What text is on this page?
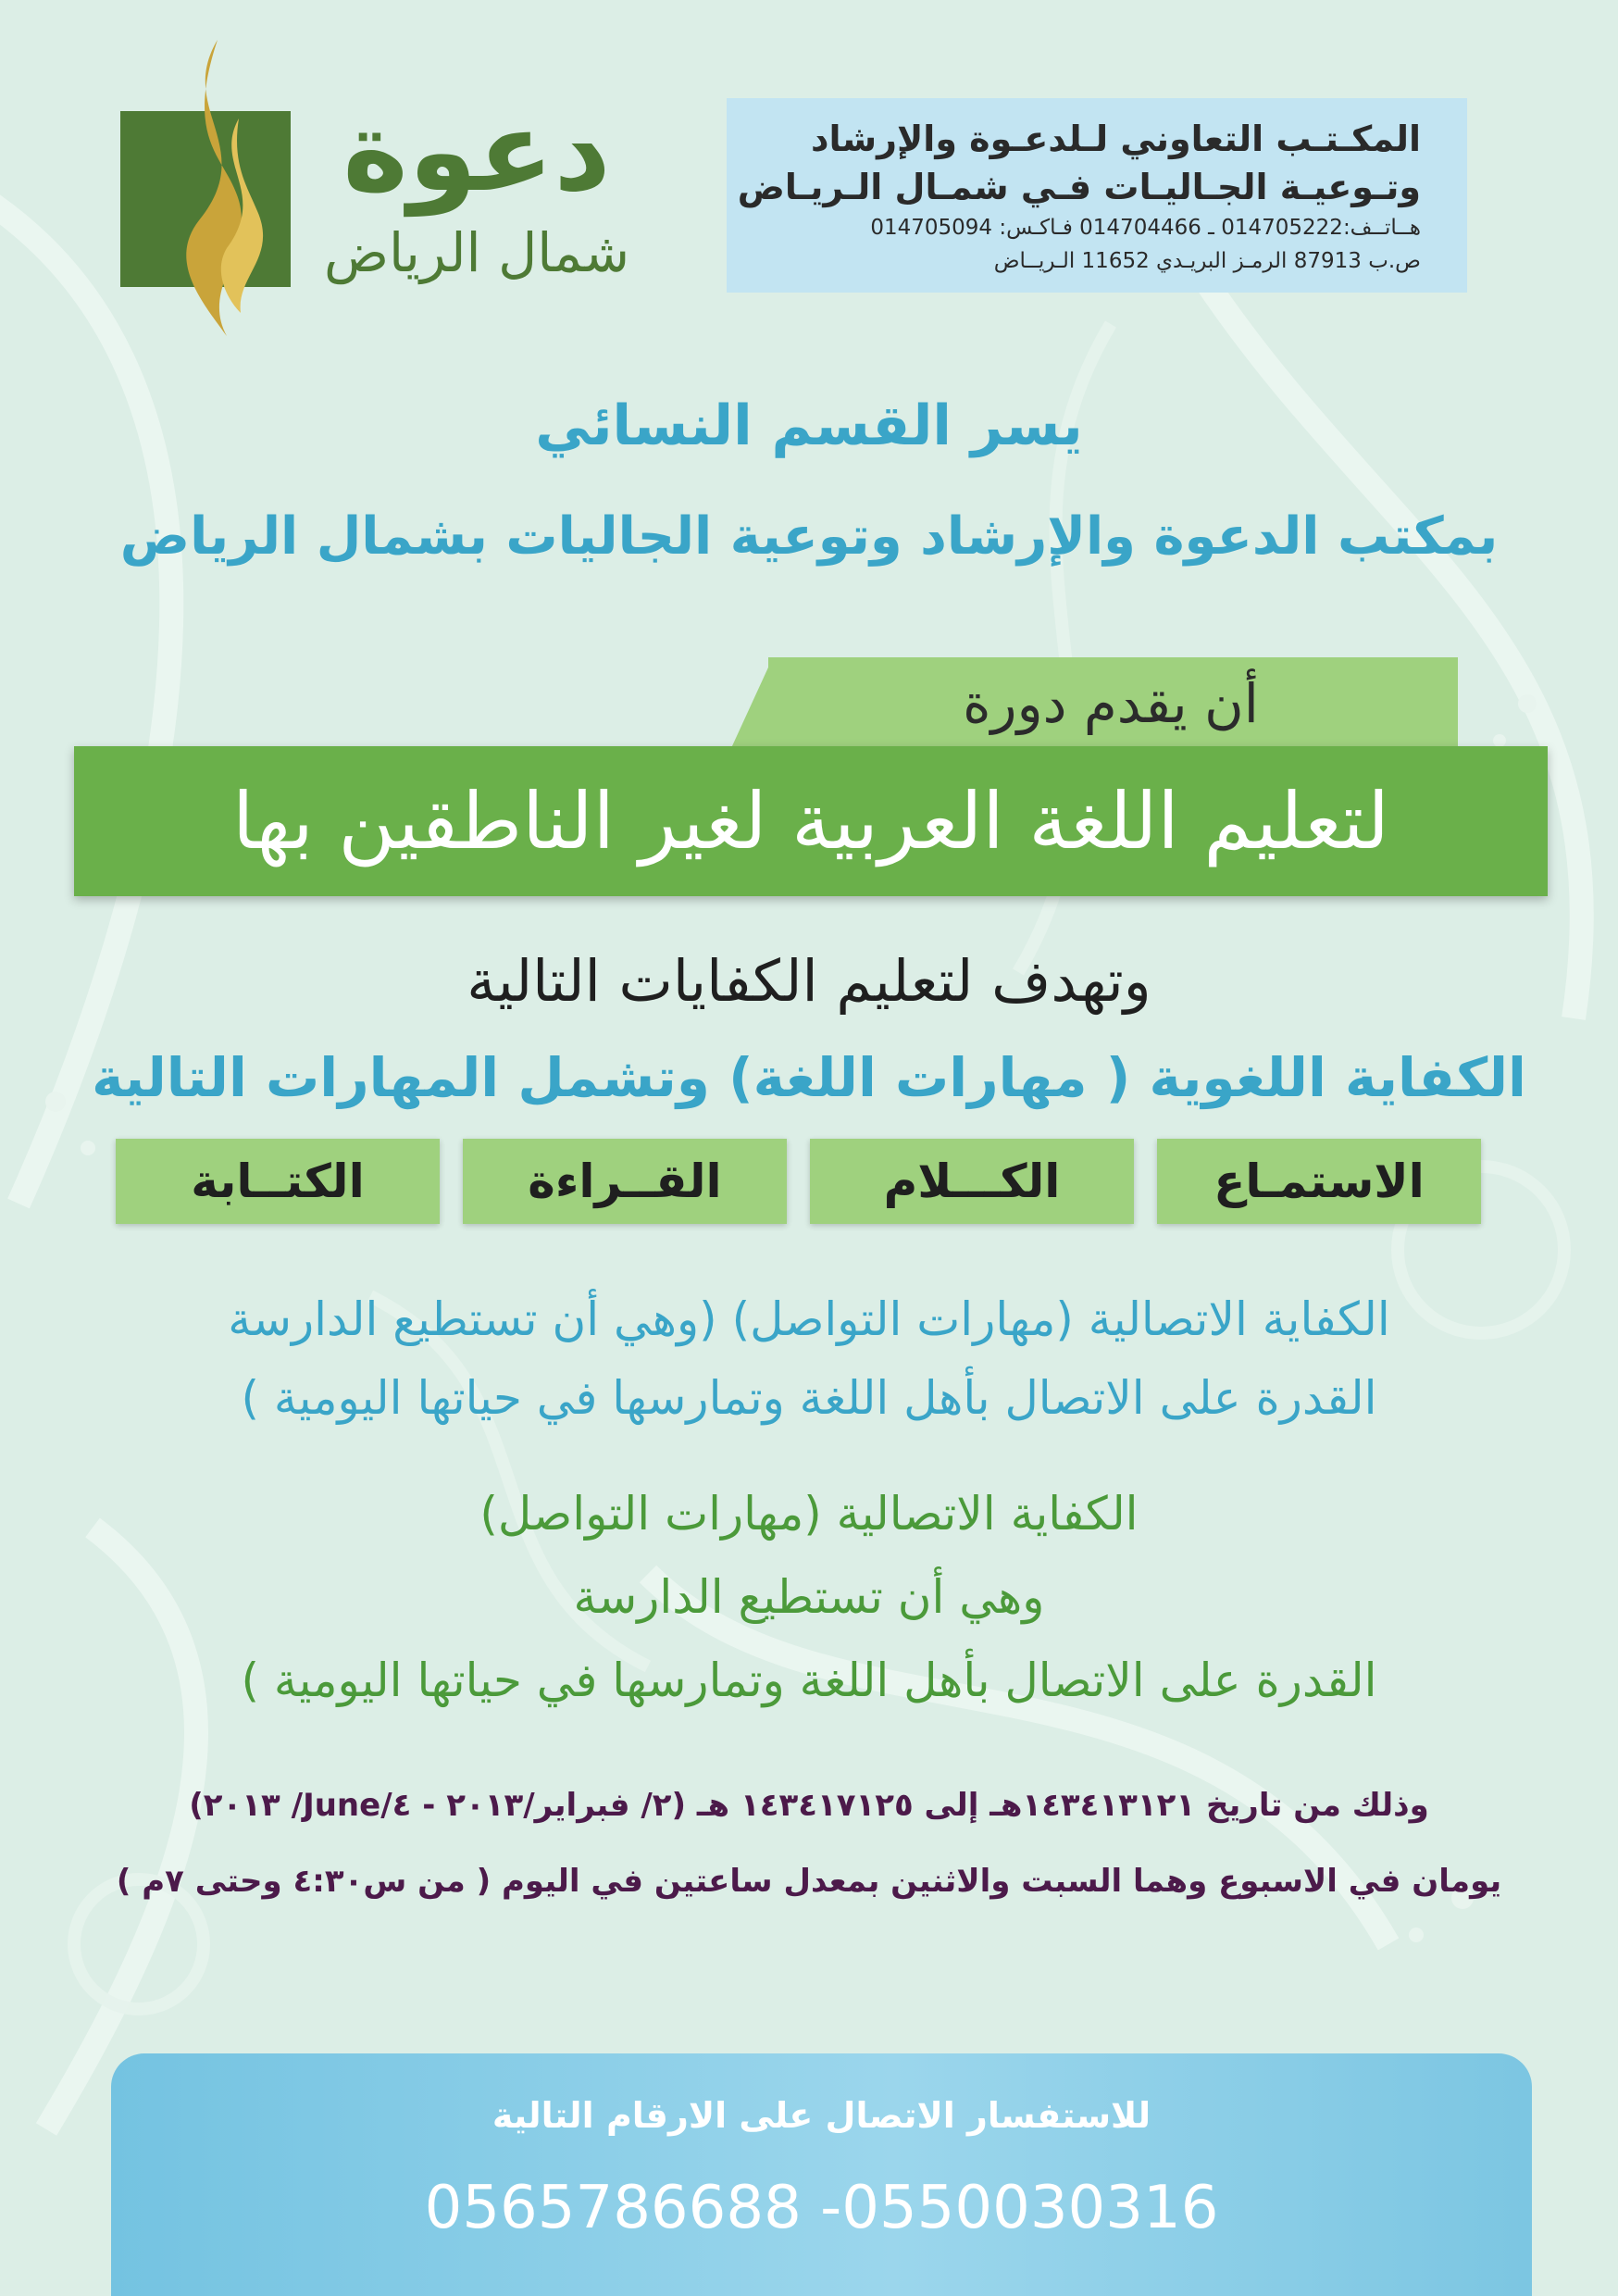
المكـتـب التعاوني لـلدعـوة والإرشاد
وتـوعيـة الجـاليـات فـي شمـال الـريـاض
هــاتــف:014705222 ـ 014704466 فـاكـس: 014705094
ص.ب 87913 الرمـز البريـدي 11652 الـريــاض
دعوة
شمال الرياض
يسر القسم النسائي
بمكتب الدعوة والإرشاد وتوعية الجاليات بشمال الرياض
أن يقدم دورة
لتعليم اللغة العربية لغير الناطقين بها
وتهدف لتعليم الكفايات التالية
الكفاية اللغوية ( مهارات اللغة) وتشمل المهارات التالية
الاستمـاع
الكـــلام
القــراءة
الكتــابة
الكفاية الاتصالية (مهارات التواصل) (وهي أن تستطيع الدارسة
القدرة على الاتصال بأهل اللغة وتمارسها في حياتها اليومية )
الكفاية الاتصالية (مهارات التواصل)
وهي أن تستطيع الدارسة
القدرة على الاتصال بأهل اللغة وتمارسها في حياتها اليومية )
وذلك من تاريخ ١٤٣٤١٣١٢١هـ إلى ١٤٣٤١٧١٢٥ هـ (٢/ فبراير/٢٠١٣ - ٤/June/ ٢٠١٣)
يومان في الاسبوع وهما السبت والاثنين بمعدل ساعتين في اليوم ( من س٤:٣٠ وحتى ٧م )
للاستفسار الاتصال على الارقام التالية
0565786688 -0550030316
